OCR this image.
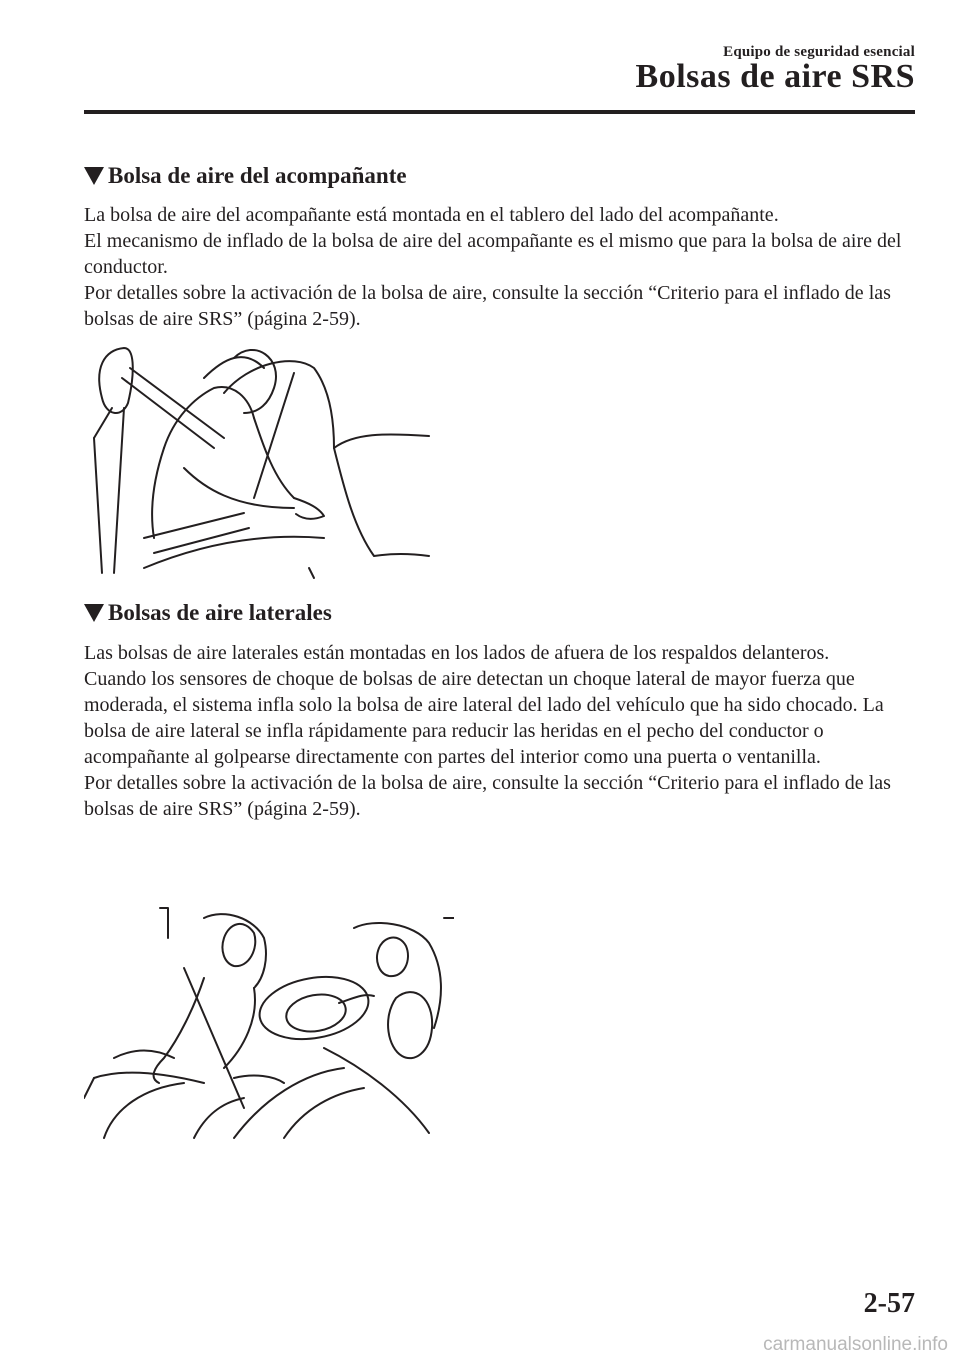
Equipo de seguridad esencial
Bolsas de aire SRS
Bolsa de aire del acompañante

La bolsa de aire del acompañante está montada en el tablero del lado del acompañante.

El mecanismo de inflado de la bolsa de aire del acompañante es el mismo que para la bolsa de aire del conductor.

Por detalles sobre la activación de la bolsa de aire, consulte la sección “Criterio para el inflado de las bolsas de aire SRS” (página 2-59).

Bolsas de aire laterales

Las bolsas de aire laterales están montadas en los lados de afuera de los respaldos delanteros.

Cuando los sensores de choque de bolsas de aire detectan un choque lateral de mayor fuerza que moderada, el sistema infla solo la bolsa de aire lateral del lado del vehículo que ha sido chocado. La bolsa de aire lateral se infla rápidamente para reducir las heridas en el pecho del conductor o acompañante al golpearse directamente con partes del interior como una puerta o ventanilla.

Por detalles sobre la activación de la bolsa de aire, consulte la sección “Criterio para el inflado de las bolsas de aire SRS” (página 2-59).

2-57
carmanualsonline.info
